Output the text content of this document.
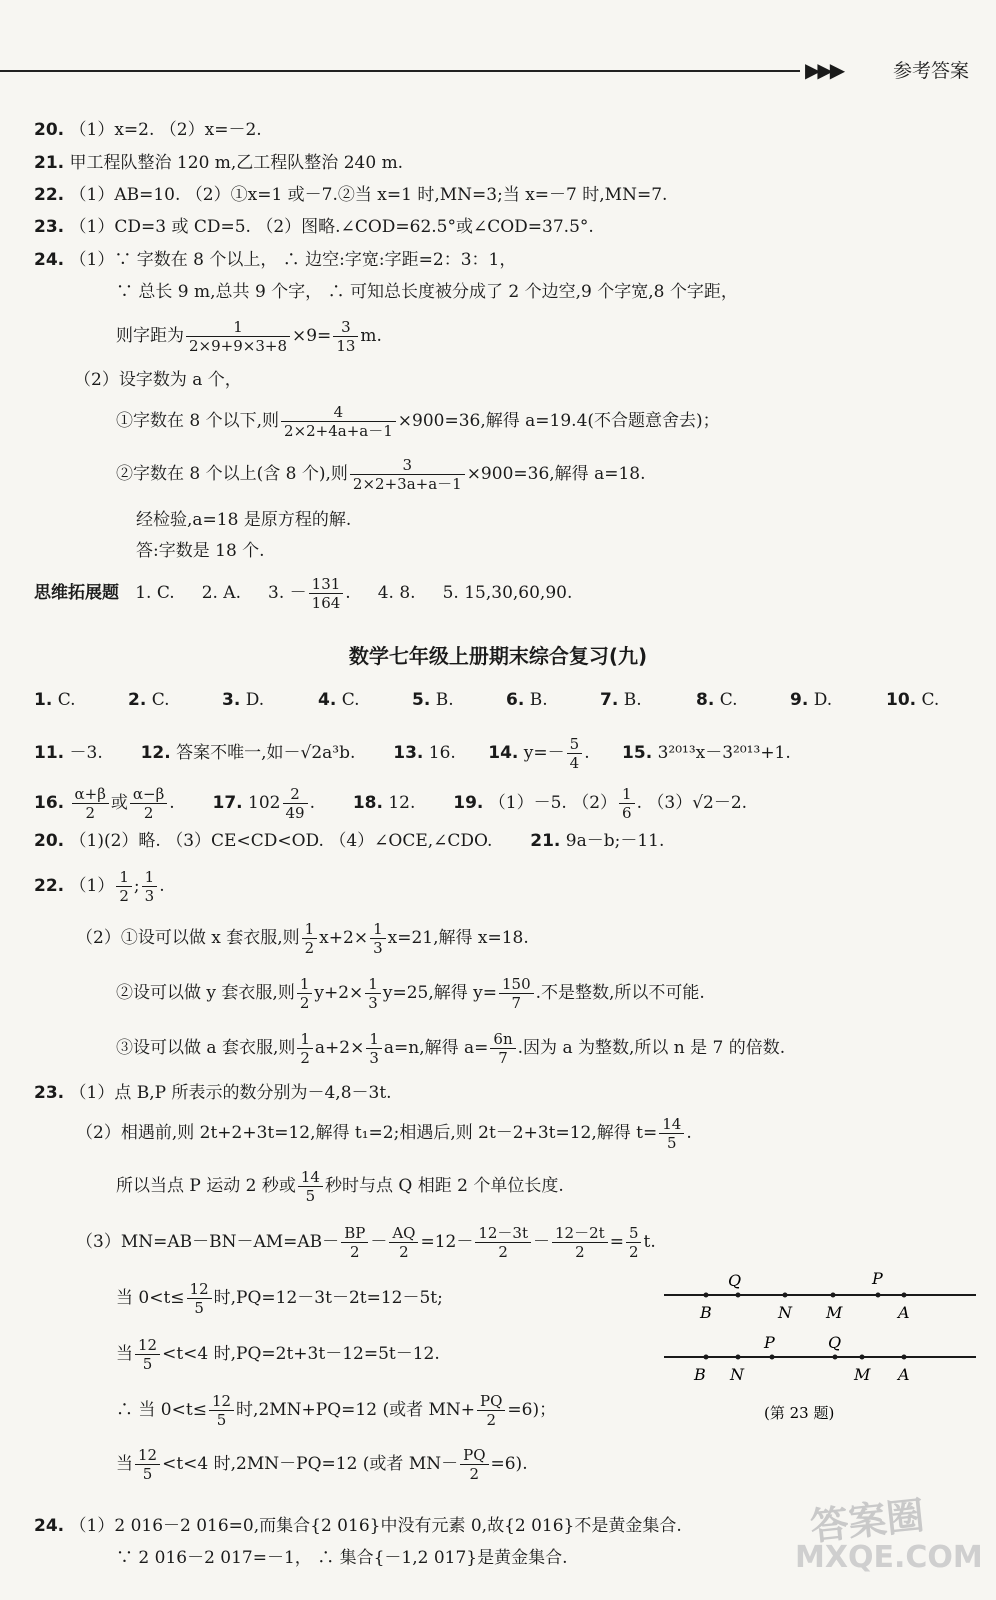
▶▶▶	参考答案
20. （1）x=2. （2）x=－2.
21. 甲工程队整治 120 m,乙工程队整治 240 m.
22. （1）AB=10. （2）①x=1 或－7.②当 x=1 时,MN=3;当 x=－7 时,MN=7.
23. （1）CD=3 或 CD=5. （2）图略.∠COD=62.5°或∠COD=37.5°.
24. （1）∵ 字数在 8 个以上， ∴ 边空:字宽:字距=2：3：1，
∵ 总长 9 m,总共 9 个字， ∴ 可知总长度被分成了 2 个边空,9 个字宽,8 个字距，
则字距为 $\frac{1}{2\times 9+9\times 3+8} \times 9= \frac{3}{13} m$.
（2）设字数为 a 个，
①字数在 8 个以下,则 $\frac{4}{2\times 2+4a+a-1} \times 900=36$,解得 a=19.4(不合题意舍去)；
②字数在 8 个以上(含 8 个),则 $\frac{3}{2\times 2+3a+a-1} \times 900=36$,解得 a=18.
经检验,a=18 是原方程的解.
答:字数是 18 个.
思维拓展题 1. C. 2. A. 3. － $\frac{131}{164}$ . 4. 8. 5. 15,30,60,90.
数学七年级上册期末综合复习(九)
1. C.	2. C.	3. D.	4. C.	5. B.	6. B.	7. B.	8. C.	9. D.	10. C.
11. －3. 12. 答案不唯一,如－√2a³b. 13. 16. 14. $y=- \frac{5}{4}$ . 15. 3²⁰¹³x－3²⁰¹³+1.
16. $\frac{\alpha+\beta}{2}$ 或 $\frac{\alpha-\beta}{2}$ . 17. $102 \frac{2}{49}$ . 18. 12. 19. （1）－5. $(2) \frac{1}{6}$ . （3）√2－2.
20. （1)(2）略. （3）CE<CD<OD. （4）∠OCE,∠CDO. 21. 9a－b;－11.
22. $(1) \frac{1}{2}$ ; $\frac{1}{3}$ .
（2）①设可以做 x 套衣服,则 $\frac{1}{2} x+2\times \frac{1}{3} x=21$,解得 x=18.
②设可以做 y 套衣服,则 $\frac{1}{2} y+2\times \frac{1}{3} y=25$,解得 $y= \frac{150}{7}$ .不是整数,所以不可能.
③设可以做 a 套衣服,则 $\frac{1}{2} a+2\times \frac{1}{3} a=n$,解得 $a= \frac{6n}{7}$ .因为 a 为整数,所以 n 是 7 的倍数.
23. （1）点 B,P 所表示的数分别为－4,8－3t.
（2）相遇前,则 2t+2+3t=12,解得 t₁=2;相遇后,则 2t－2+3t=12,解得 $t= \frac{14}{5}$ .
所以当点 P 运动 2 秒或 $\frac{14}{5}$ 秒时与点 Q 相距 2 个单位长度.
$(3)MN=AB-BN-AM=AB- \frac{BP}{2} - \frac{AQ}{2} =12- \frac{12-3t}{2} - \frac{12-2t}{2} = \frac{5}{2} t$.
当 $0<t\le \frac{12}{5}$ 时,PQ=12－3t－2t=12－5t;
当 $\frac{12}{5} <t<4$ 时,PQ=2t+3t－12=5t－12.
∴ 当 $0<t\le \frac{12}{5}$ 时,2MN+PQ=12 (或者 $MN+ \frac{PQ}{2} =6$)；
当 $\frac{12}{5} <t<4$ 时,2MN－PQ=12 (或者 $MN- \frac{PQ}{2} =6$).
Q	P
B	N M	A
P	Q
B N	M A
(第 23 题)
24. （1）2 016－2 016=0,而集合{2 016}中没有元素 0,故{2 016}不是黄金集合.
∵ 2 016－2 017=－1， ∴ 集合{－1,2 017}是黄金集合.
答案圈
MXQE.COM
